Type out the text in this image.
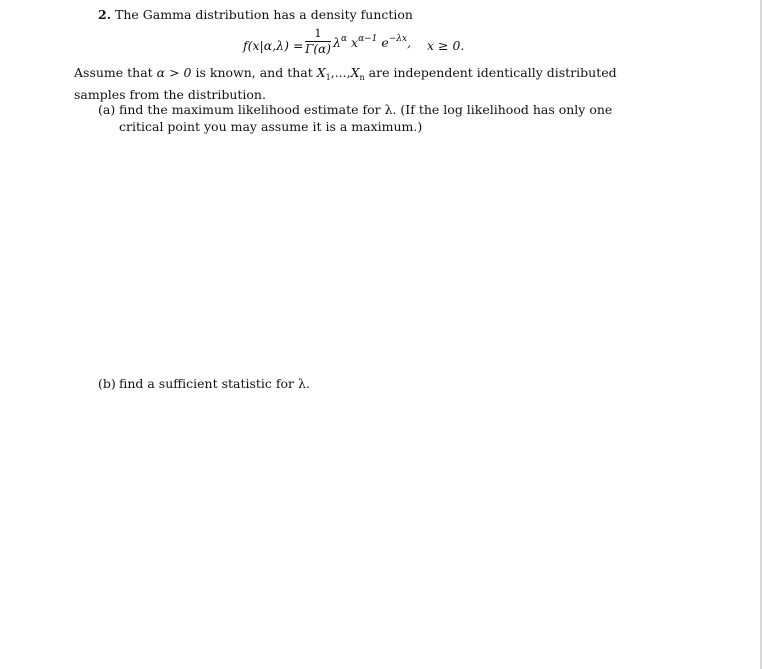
2. The Gamma distribution has a density function
f(x|α,λ) =
1
Γ(α) $\lambda^\alpha$ $x^{\alpha-1}$ $e^{-\lambda x}$, x ≥ 0.
Assume that α > 0 is known, and that $X_1,...,X_n$ are independent identically distributed samples from the distribution.
(a) find the maximum likelihood estimate for λ. (If the log likelihood has only one critical point you may assume it is a maximum.)
(b) find a sufficient statistic for λ.
